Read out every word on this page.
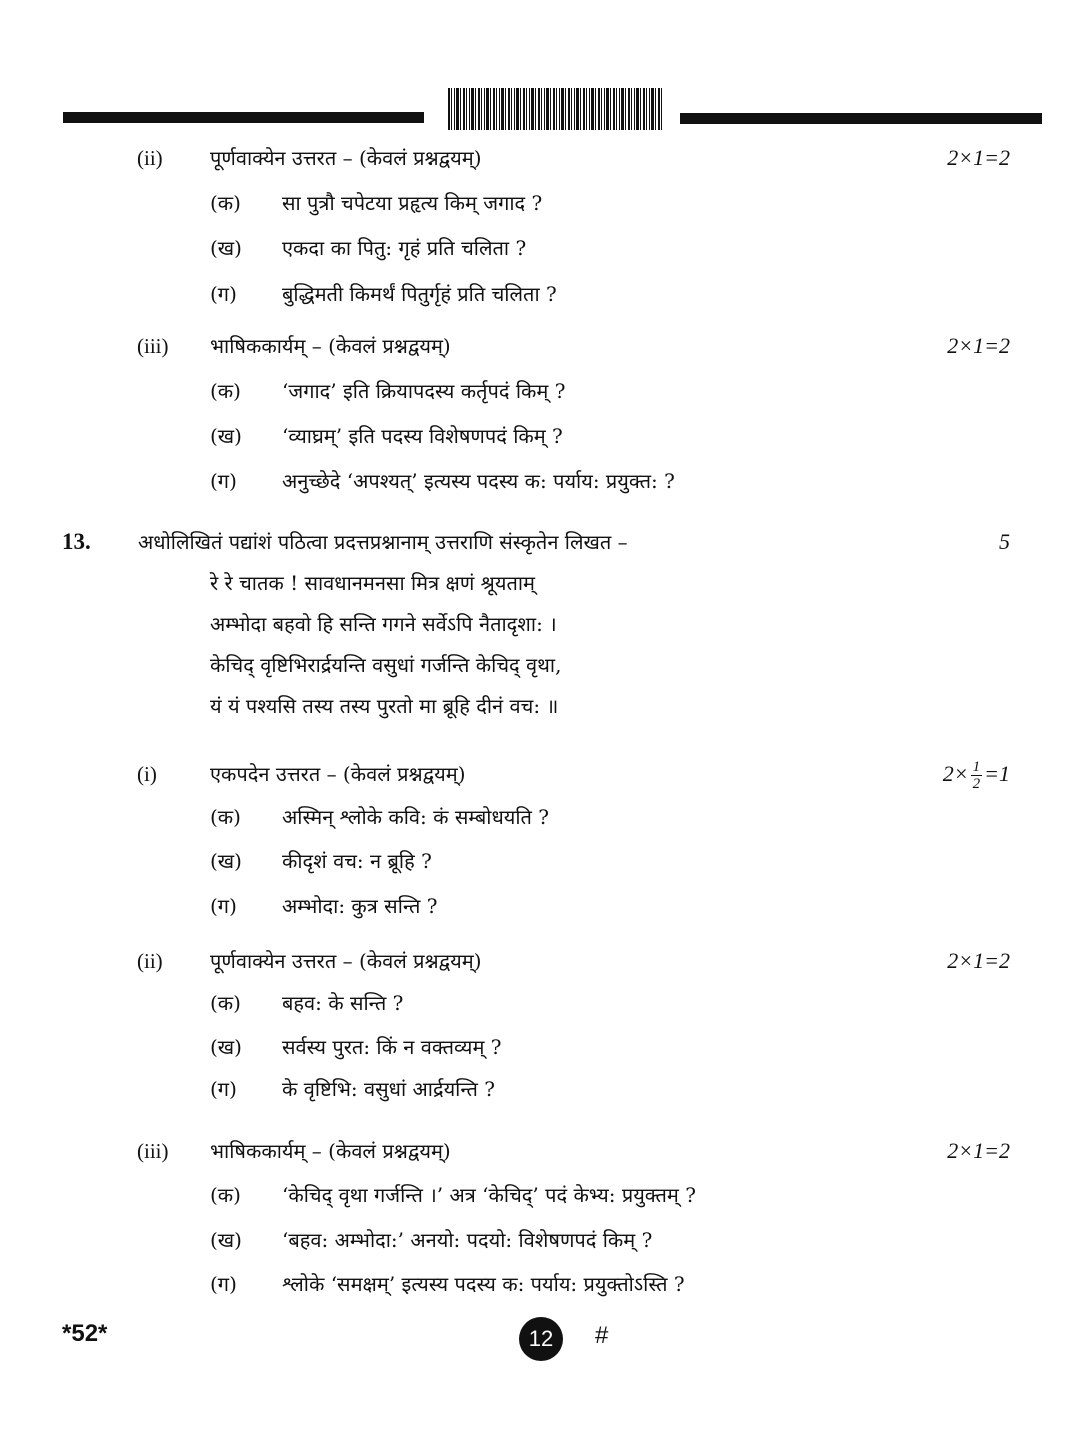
(ii) पूर्णवाक्येन उत्तरत – (केवलं प्रश्नद्वयम्)	2×1=2
(क) सा पुत्रौ चपेटया प्रहृत्य किम् जगाद ?
(ख) एकदा का पितु: गृहं प्रति चलिता ?
(ग) बुद्धिमती किमर्थं पितुर्गृहं प्रति चलिता ?
(iii) भाषिककार्यम् – (केवलं प्रश्नद्वयम्)	2×1=2
(क) ‘जगाद’ इति क्रियापदस्य कर्तृपदं किम् ?
(ख) ‘व्याघ्रम्’ इति पदस्य विशेषणपदं किम् ?
(ग) अनुच्छेदे ‘अपश्यत्’ इत्यस्य पदस्य क: पर्याय: प्रयुक्त: ?
13. अधोलिखितं पद्यांशं पठित्वा प्रदत्तप्रश्नानाम् उत्तराणि संस्कृतेन लिखत –	5
रे रे चातक ! सावधानमनसा मित्र क्षणं श्रूयताम्
अम्भोदा बहवो हि सन्ति गगने सर्वेऽपि नैतादृशा: ।
केचिद् वृष्टिभिरार्द्रयन्ति वसुधां गर्जन्ति केचिद् वृथा,
यं यं पश्यसि तस्य तस्य पुरतो मा ब्रूहि दीनं वच: ॥
(i)	एकपदेन उत्तरत – (केवलं प्रश्नद्वयम्)	$2\times \frac{1}{2} =1$
(क) अस्मिन् श्लोके कवि: कं सम्बोधयति ?
(ख) कीदृशं वच: न ब्रूहि ?
(ग) अम्भोदा: कुत्र सन्ति ?
(ii) पूर्णवाक्येन उत्तरत – (केवलं प्रश्नद्वयम्)	2×1=2
(क) बहव: के सन्ति ?
(ख) सर्वस्य पुरत: किं न वक्तव्यम् ?
(ग) के वृष्टिभि: वसुधां आर्द्रयन्ति ?
(iii) भाषिककार्यम् – (केवलं प्रश्नद्वयम्)	2×1=2
(क) ‘केचिद् वृथा गर्जन्ति ।’ अत्र ‘केचिद्’ पदं केभ्य: प्रयुक्तम् ?
(ख) ‘बहव: अम्भोदा:’ अनयो: पदयो: विशेषणपदं किम् ?
(ग) श्लोके ‘समक्षम्’ इत्यस्य पदस्य क: पर्याय: प्रयुक्तोऽस्ति ?
*52*	12	#
